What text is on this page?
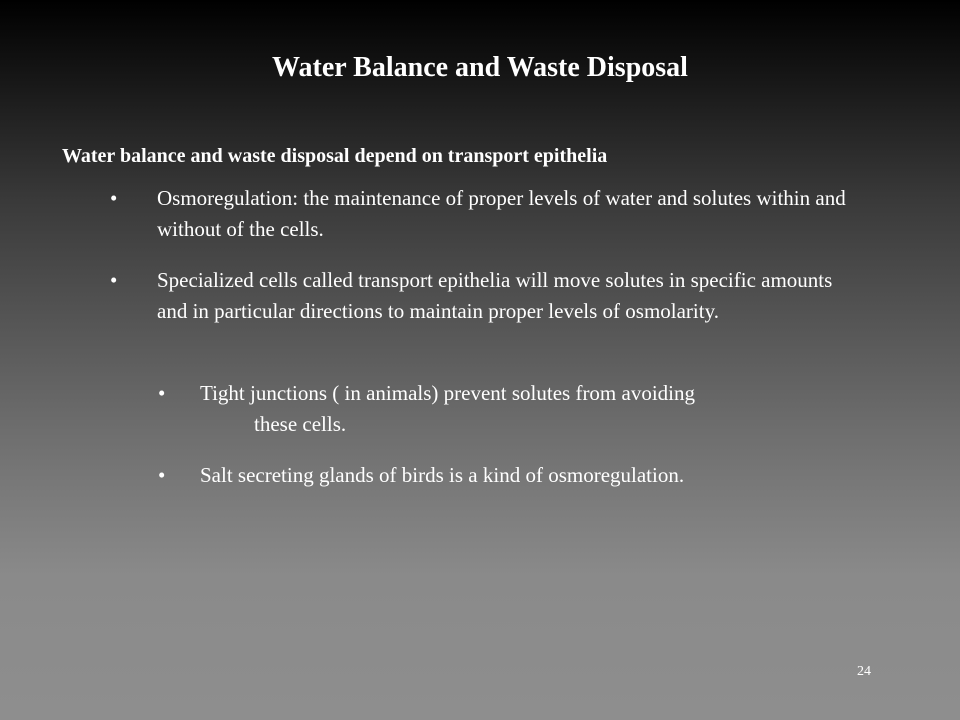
Water Balance and Waste Disposal

Water balance and waste disposal depend on transport epithelia

• Osmoregulation: the maintenance of proper levels of water and solutes within and without of the cells.
• Specialized cells called transport epithelia will move solutes in specific amounts and in particular directions to maintain proper levels of osmolarity.
• Tight junctions ( in animals) prevent solutes from avoiding
these cells.
• Salt secreting glands of birds is a kind of osmoregulation.
24
